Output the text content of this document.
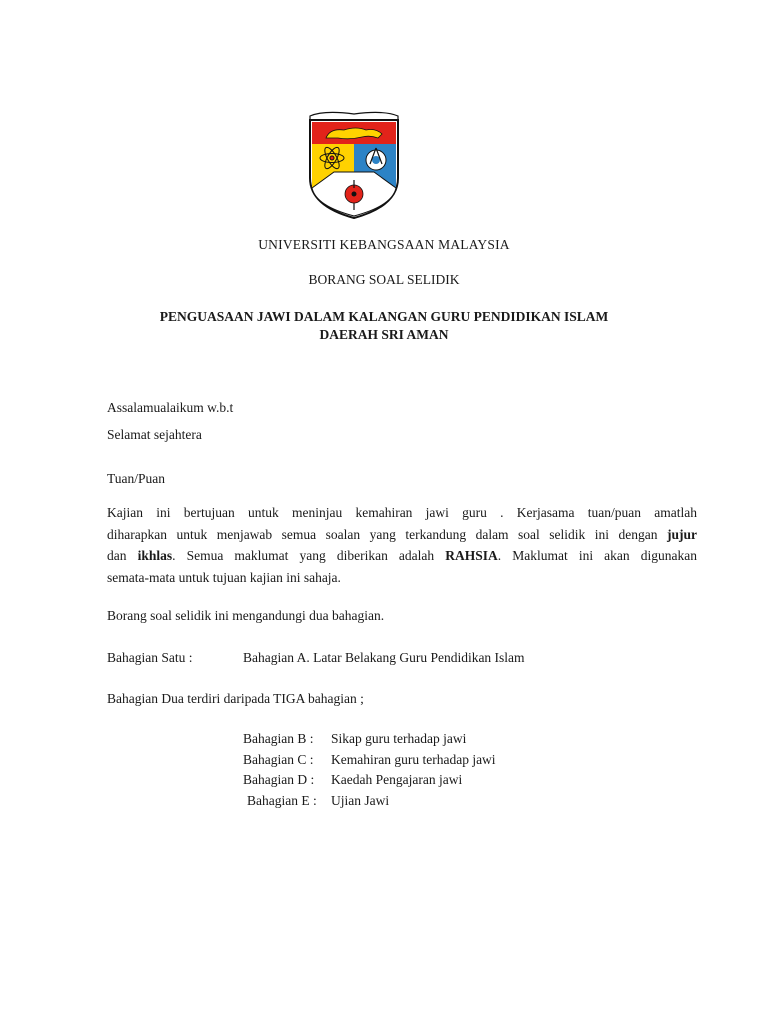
UNIVERSITI KEBANGSAAN MALAYSIA
BORANG SOAL SELIDIK
PENGUASAAN JAWI DALAM KALANGAN GURU PENDIDIKAN ISLAM
DAERAH SRI AMAN
Assalamualaikum w.b.t
Selamat sejahtera
Tuan/Puan
Kajian ini bertujuan untuk meninjau kemahiran jawi guru . Kerjasama tuan/puan amatlah
diharapkan untuk menjawab semua soalan yang terkandung dalam soal selidik ini dengan jujur
dan ikhlas. Semua maklumat yang diberikan adalah RAHSIA. Maklumat ini akan digunakan
semata-mata untuk tujuan kajian ini sahaja.
Borang soal selidik ini mengandungi dua bahagian.
Bahagian Satu :	Bahagian A. Latar Belakang Guru Pendidikan Islam
Bahagian Dua terdiri daripada TIGA bahagian ;
Bahagian B : Sikap guru terhadap jawi
Bahagian C : Kemahiran guru terhadap jawi
Bahagian D : Kaedah Pengajaran jawi
Bahagian E : Ujian Jawi
